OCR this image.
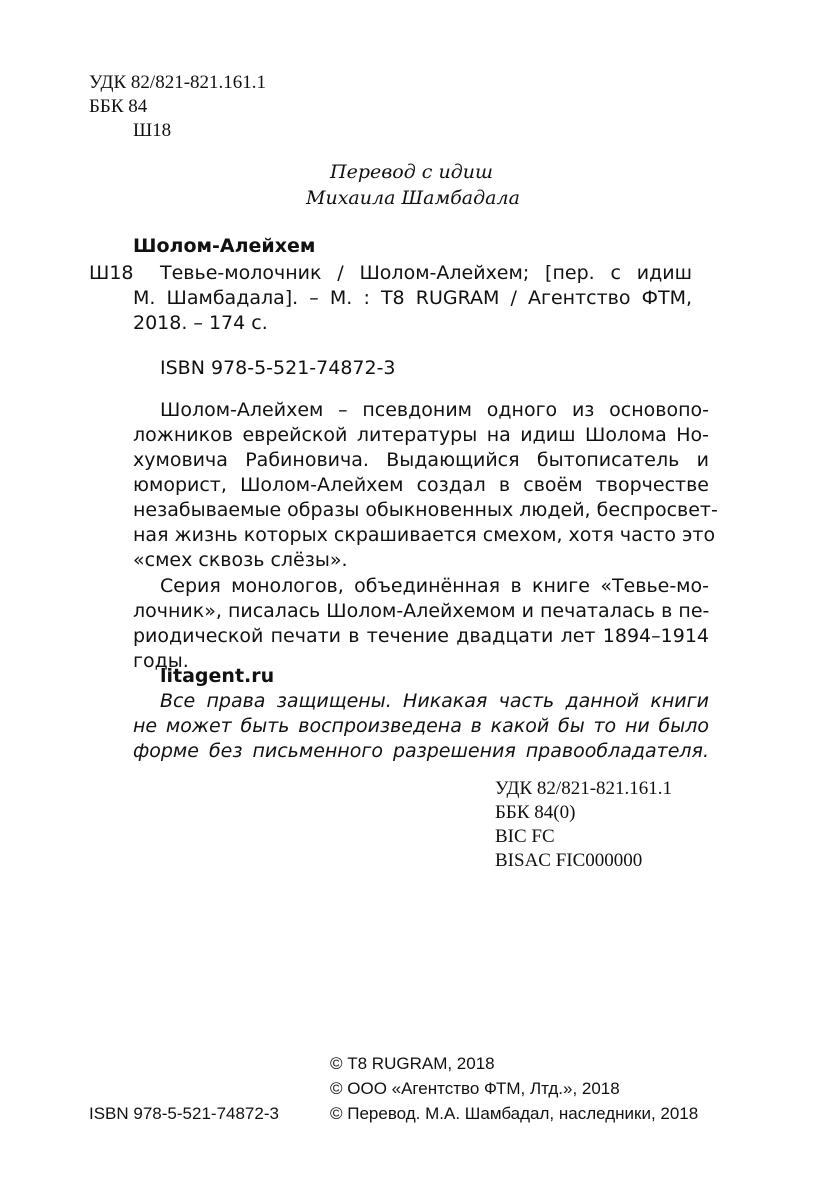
УДК 82/821-821.161.1
ББК 84
Ш18
Перевод с идиш
Михаила Шамбадала
Шолом-Алейхем
Ш18 Тевье-молочник / Шолом-Алейхем; [пер. с идиш
М. Шамбадала]. – М. : Т8 RUGRAM / Агентство ФТМ,
2018. – 174 с.
ISBN 978-5-521-74872-3
Шолом-Алейхем – псевдоним одного из основопо-
ложников еврейской литературы на идиш Шолома Но-
хумовича Рабиновича. Выдающийся бытописатель и
юморист, Шолом-Алейхем создал в своём творчестве
незабываемые образы обыкновенных людей, беспросвет-
ная жизнь которых скрашивается смехом, хотя часто это
«смех сквозь слёзы».
Серия монологов, объединённая в книге «Тевье-мо-
лочник», писалась Шолом-Алейхемом и печаталась в пе-
риодической печати в течение двадцати лет 1894–1914
годы.
litagent.ru
Все права защищены. Никакая часть данной книги
не может быть воспроизведена в какой бы то ни было
форме без письменного разрешения правообладателя.
УДК 82/821-821.161.1
ББК 84(0)
BIC FC
BISAC FIC000000
© Т8 RUGRAM, 2018
© ООО «Агентство ФТМ, Лтд.», 2018
ISBN 978-5-521-74872-3	© Перевод. М.А. Шамбадал, наследники, 2018
